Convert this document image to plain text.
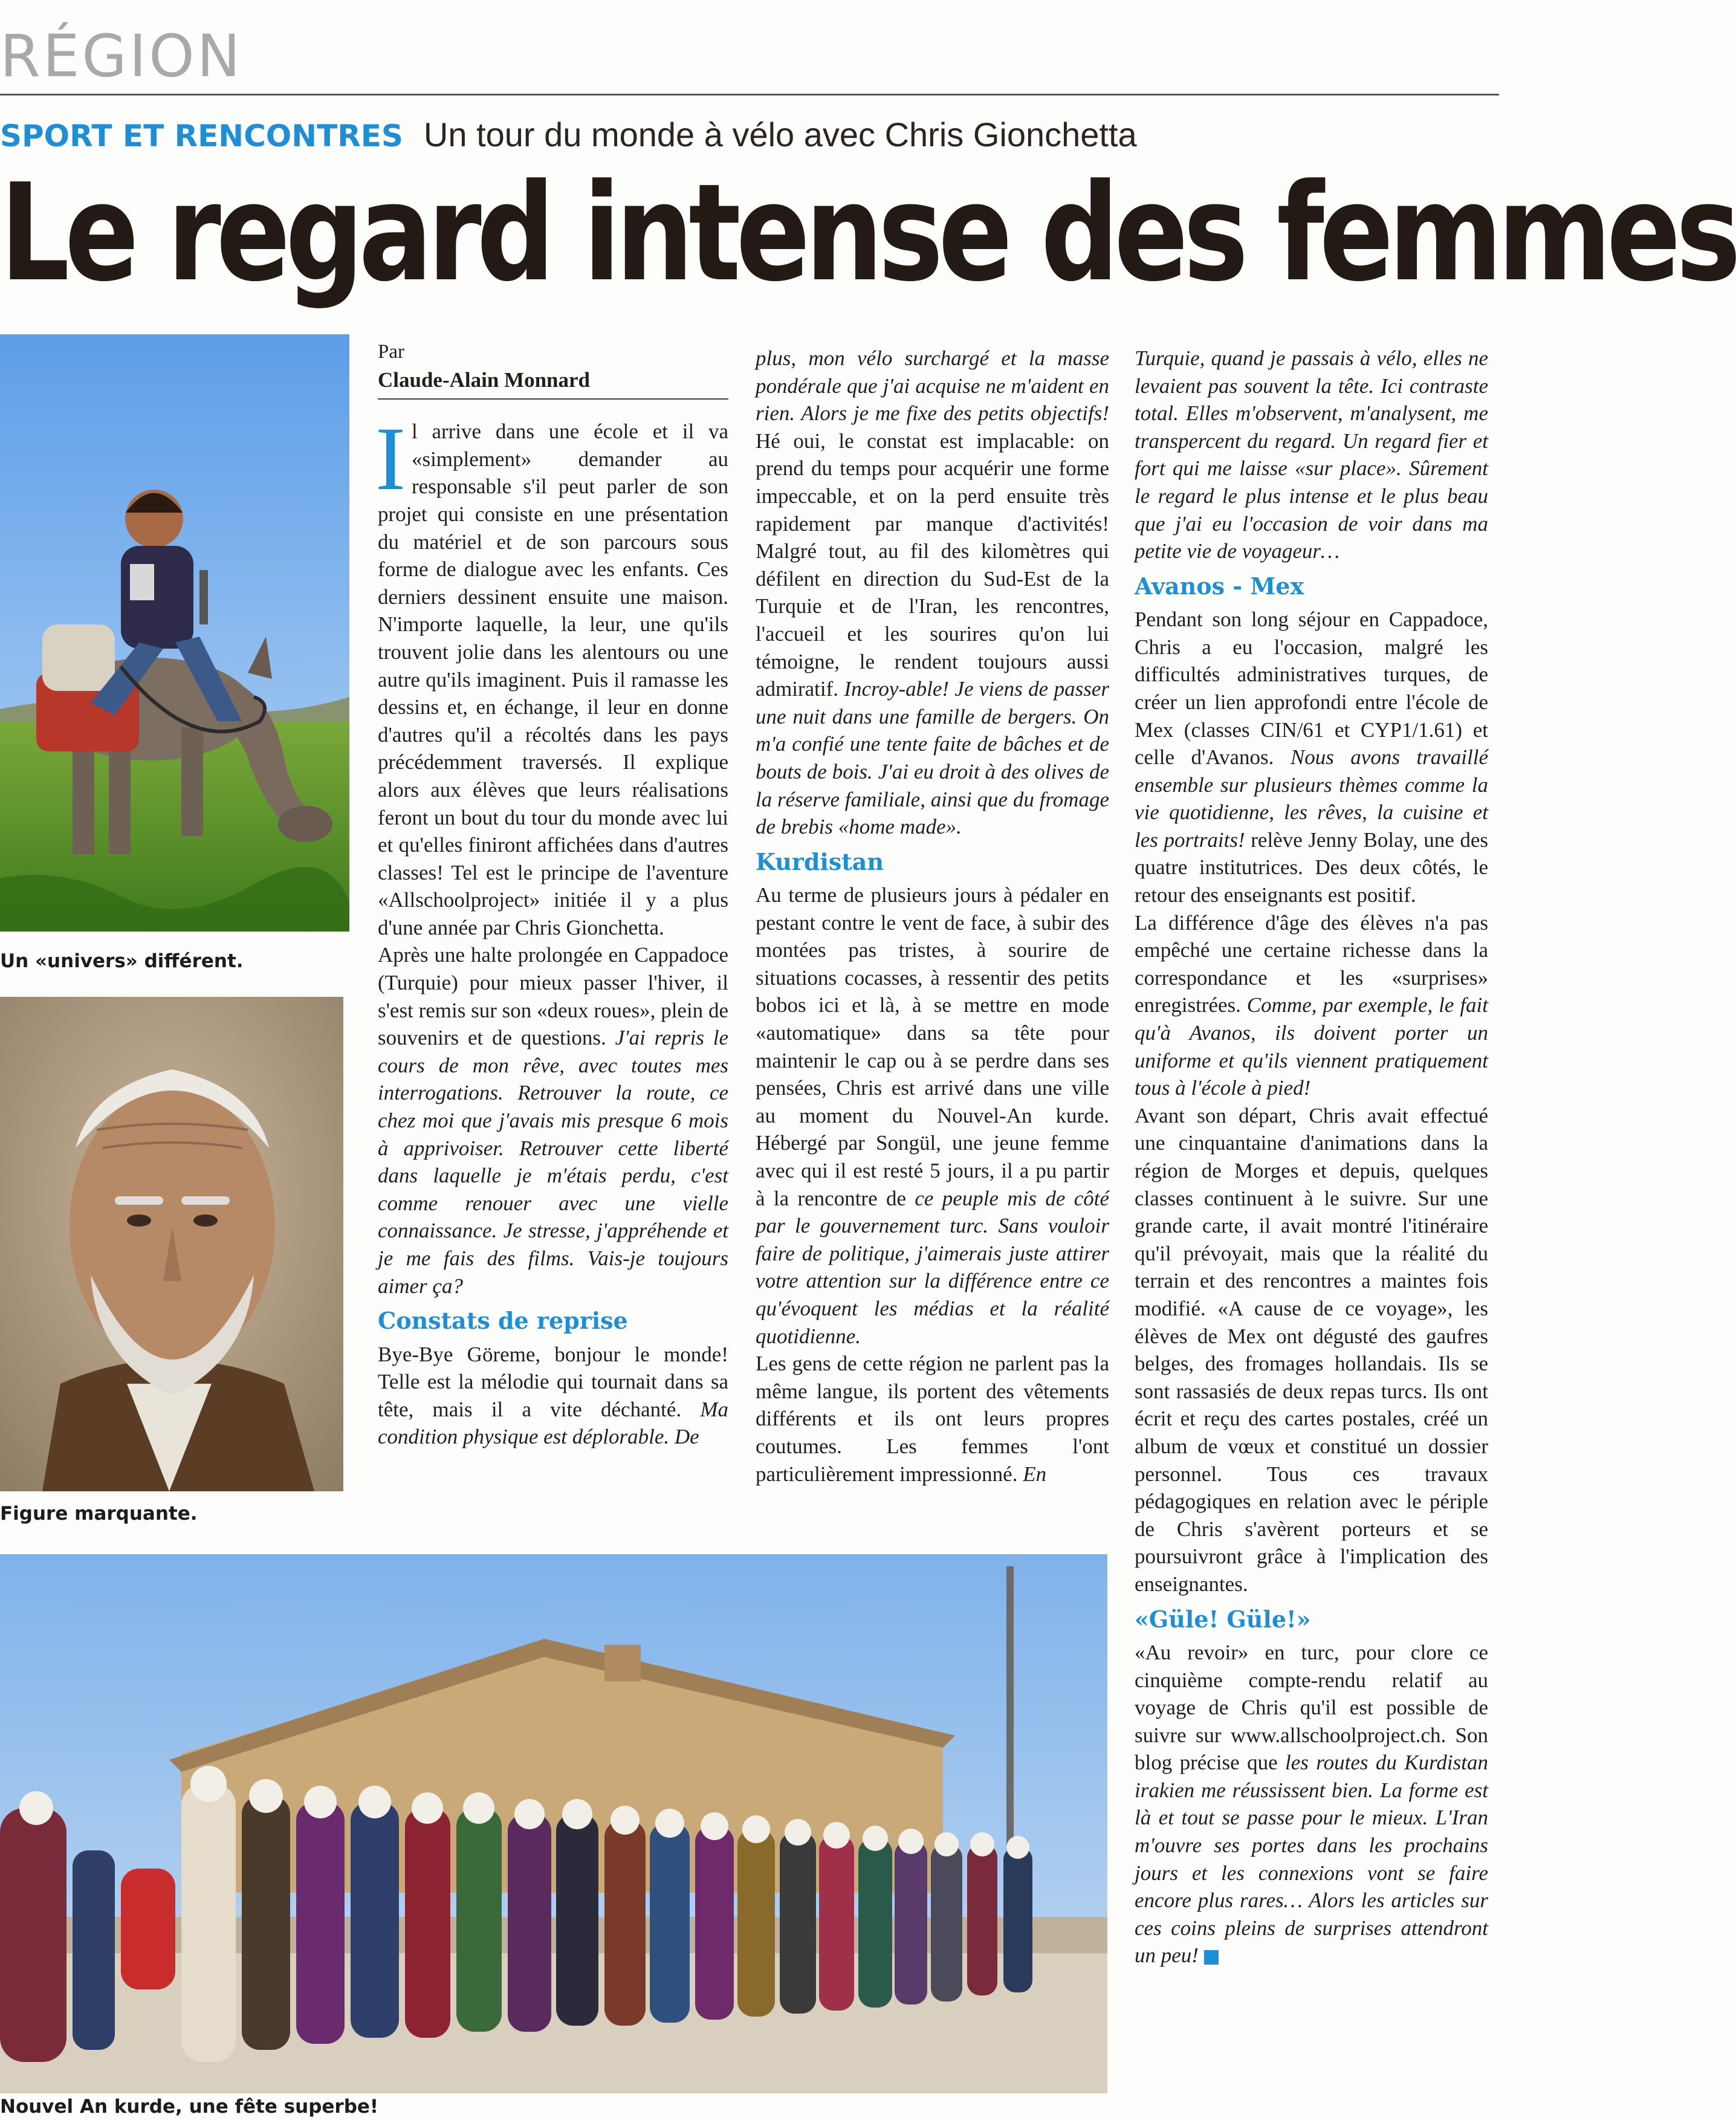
RÉGION
SPORT ET RENCONTRES Un tour du monde à vélo avec Chris Gionchetta
Le regard intense des femmes
Un «univers» différent.
Figure marquante.
Nouvel An kurde, une fête superbe!
Par
Claude-Alain Monnard

Il arrive dans une école et il va «simplement» demander au responsable s'il peut parler de son projet qui consiste en une présentation du matériel et de son parcours sous forme de dialogue avec les enfants. Ces derniers dessinent ensuite une maison. N'importe laquelle, la leur, une qu'ils trouvent jolie dans les alentours ou une autre qu'ils imaginent. Puis il ramasse les dessins et, en échange, il leur en donne d'autres qu'il a récoltés dans les pays précédemment traversés. Il explique alors aux élèves que leurs réalisations feront un bout du tour du monde avec lui et qu'elles finiront affichées dans d'autres classes! Tel est le principe de l'aventure «Allschoolproject» initiée il y a plus d'une année par Chris Gionchetta.

Après une halte prolongée en Cappadoce (Turquie) pour mieux passer l'hiver, il s'est remis sur son «deux roues», plein de souvenirs et de questions. J'ai repris le cours de mon rêve, avec toutes mes interrogations. Retrouver la route, ce chez moi que j'avais mis presque 6 mois à apprivoiser. Retrouver cette liberté dans laquelle je m'étais perdu, c'est comme renouer avec une vielle connaissance. Je stresse, j'appréhende et je me fais des films. Vais-je toujours aimer ça?

Constats de reprise

Bye-Bye Göreme, bonjour le monde! Telle est la mélodie qui tournait dans sa tête, mais il a vite déchanté. Ma condition physique est déplorable. De

plus, mon vélo surchargé et la masse pondérale que j'ai acquise ne m'aident en rien. Alors je me fixe des petits objectifs! Hé oui, le constat est implacable: on prend du temps pour acquérir une forme impeccable, et on la perd ensuite très rapidement par manque d'activités! Malgré tout, au fil des kilomètres qui défilent en direction du Sud-Est de la Turquie et de l'Iran, les rencontres, l'accueil et les sourires qu'on lui témoigne, le rendent toujours aussi admiratif. Incroy-able! Je viens de passer une nuit dans une famille de bergers. On m'a confié une tente faite de bâches et de bouts de bois. J'ai eu droit à des olives de la réserve familiale, ainsi que du fromage de brebis «home made».

Kurdistan

Au terme de plusieurs jours à pédaler en pestant contre le vent de face, à subir des montées pas tristes, à sourire de situations cocasses, à ressentir des petits bobos ici et là, à se mettre en mode «automatique» dans sa tête pour maintenir le cap ou à se perdre dans ses pensées, Chris est arrivé dans une ville au moment du Nouvel-An kurde. Hébergé par Songül, une jeune femme avec qui il est resté 5 jours, il a pu partir à la rencontre de ce peuple mis de côté par le gouvernement turc. Sans vouloir faire de politique, j'aimerais juste attirer votre attention sur la différence entre ce qu'évoquent les médias et la réalité quotidienne.

Les gens de cette région ne parlent pas la même langue, ils portent des vêtements différents et ils ont leurs propres coutumes. Les femmes l'ont particulièrement impressionné. En

Turquie, quand je passais à vélo, elles ne levaient pas souvent la tête. Ici contraste total. Elles m'observent, m'analysent, me transpercent du regard. Un regard fier et fort qui me laisse «sur place». Sûrement le regard le plus intense et le plus beau que j'ai eu l'occasion de voir dans ma petite vie de voyageur…

Avanos - Mex

Pendant son long séjour en Cappadoce, Chris a eu l'occasion, malgré les difficultés administratives turques, de créer un lien approfondi entre l'école de Mex (classes CIN/61 et CYP1/1.61) et celle d'Avanos. Nous avons travaillé ensemble sur plusieurs thèmes comme la vie quotidienne, les rêves, la cuisine et les portraits! relève Jenny Bolay, une des quatre institutrices. Des deux côtés, le retour des enseignants est positif.

La différence d'âge des élèves n'a pas empêché une certaine richesse dans la correspondance et les «surprises» enregistrées. Comme, par exemple, le fait qu'à Avanos, ils doivent porter un uniforme et qu'ils viennent pratiquement tous à l'école à pied!

Avant son départ, Chris avait effectué une cinquantaine d'animations dans la région de Morges et depuis, quelques classes continuent à le suivre. Sur une grande carte, il avait montré l'itinéraire qu'il prévoyait, mais que la réalité du terrain et des rencontres a maintes fois modifié. «A cause de ce voyage», les élèves de Mex ont dégusté des gaufres belges, des fromages hollandais. Ils se sont rassasiés de deux repas turcs. Ils ont écrit et reçu des cartes postales, créé un album de vœux et constitué un dossier personnel. Tous ces travaux pédagogiques en relation avec le périple de Chris s'avèrent porteurs et se poursuivront grâce à l'implication des enseignantes.

«Güle! Güle!»

«Au revoir» en turc, pour clore ce cinquième compte-rendu relatif au voyage de Chris qu'il est possible de suivre sur www.allschoolproject.ch. Son blog précise que les routes du Kurdistan irakien me réussissent bien. La forme est là et tout se passe pour le mieux. L'Iran m'ouvre ses portes dans les prochains jours et les connexions vont se faire encore plus rares… Alors les articles sur ces coins pleins de surprises attendront un peu!
